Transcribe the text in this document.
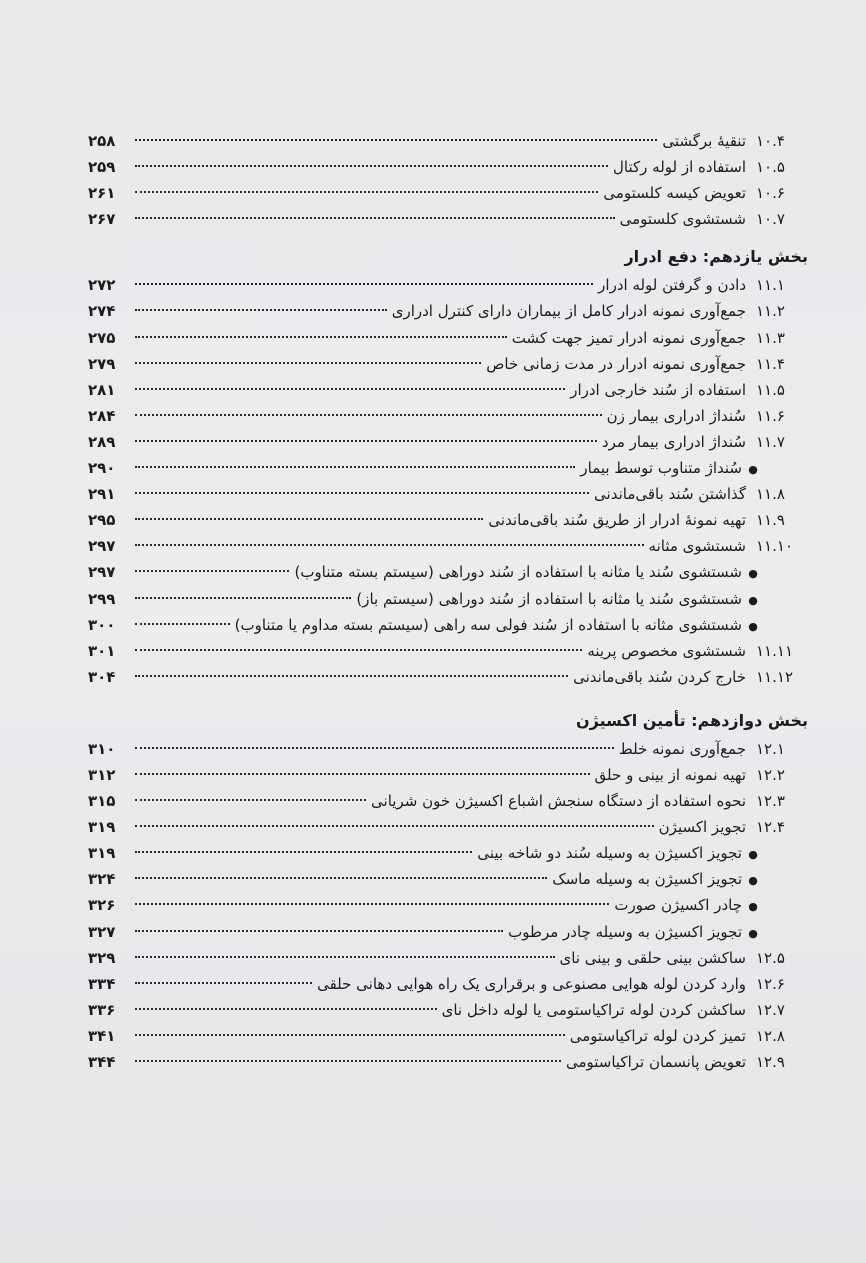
۱۰.۴
تنقیهٔ برگشتی
۲۵۸
۱۰.۵
استفاده از لوله رکتال
۲۵۹
۱۰.۶
تعویض کیسه کلستومی
۲۶۱
۱۰.۷
شستشوی کلستومی
۲۶۷
بخش یازدهم: دفع ادرار
۱۱.۱
دادن و گرفتن لوله ادرار
۲۷۲
۱۱.۲
جمع‌آوری نمونه ادرار کامل از بیماران دارای کنترل ادراری
۲۷۴
۱۱.۳
جمع‌آوری نمونه ادرار تمیز جهت کشت
۲۷۵
۱۱.۴
جمع‌آوری نمونه ادرار در مدت زمانی خاص
۲۷۹
۱۱.۵
استفاده از سُند خارجی ادرار
۲۸۱
۱۱.۶
سُنداژ ادراری بیمار زن
۲۸۴
۱۱.۷
سُنداژ ادراری بیمار مرد
۲۸۹
●
سُنداژ متناوب توسط بیمار
۲۹۰
۱۱.۸
گذاشتن سُند باقی‌ماندنی
۲۹۱
۱۱.۹
تهیه نمونهٔ ادرار از طریق سُند باقی‌ماندنی
۲۹۵
۱۱.۱۰
شستشوی مثانه
۲۹۷
●
شستشوی سُند یا مثانه با استفاده از سُند دوراهی (سیستم بسته متناوب)
۲۹۷
●
شستشوی سُند یا مثانه با استفاده از سُند دوراهی (سیستم باز)
۲۹۹
●
شستشوی مثانه با استفاده از سُند فولی سه راهی (سیستم بسته مداوم یا متناوب)
۳۰۰
۱۱.۱۱
شستشوی مخصوص پرینه
۳۰۱
۱۱.۱۲
خارج کردن سُند باقی‌ماندنی
۳۰۴
بخش دوازدهم: تأمین اکسیژن
۱۲.۱
جمع‌آوری نمونه خلط
۳۱۰
۱۲.۲
تهیه نمونه از بینی و حلق
۳۱۲
۱۲.۳
نحوه استفاده از دستگاه سنجش اشباع اکسیژن خون شریانی
۳۱۵
۱۲.۴
تجویز اکسیژن
۳۱۹
●
تجویز اکسیژن به وسیله سُند دو شاخه بینی
۳۱۹
●
تجویز اکسیژن به وسیله ماسک
۳۲۴
●
چادر اکسیژن صورت
۳۲۶
●
تجویز اکسیژن به وسیله چادر مرطوب
۳۲۷
۱۲.۵
ساکشن بینی حلقی و بینی نای
۳۲۹
۱۲.۶
وارد کردن لوله هوایی مصنوعی و برقراری یک راه هوایی دهانی حلقی
۳۳۴
۱۲.۷
ساکشن کردن لوله تراکیاستومی یا لوله داخل نای
۳۳۶
۱۲.۸
تمیز کردن لوله تراکیاستومی
۳۴۱
۱۲.۹
تعویض پانسمان تراکیاستومی
۳۴۴
